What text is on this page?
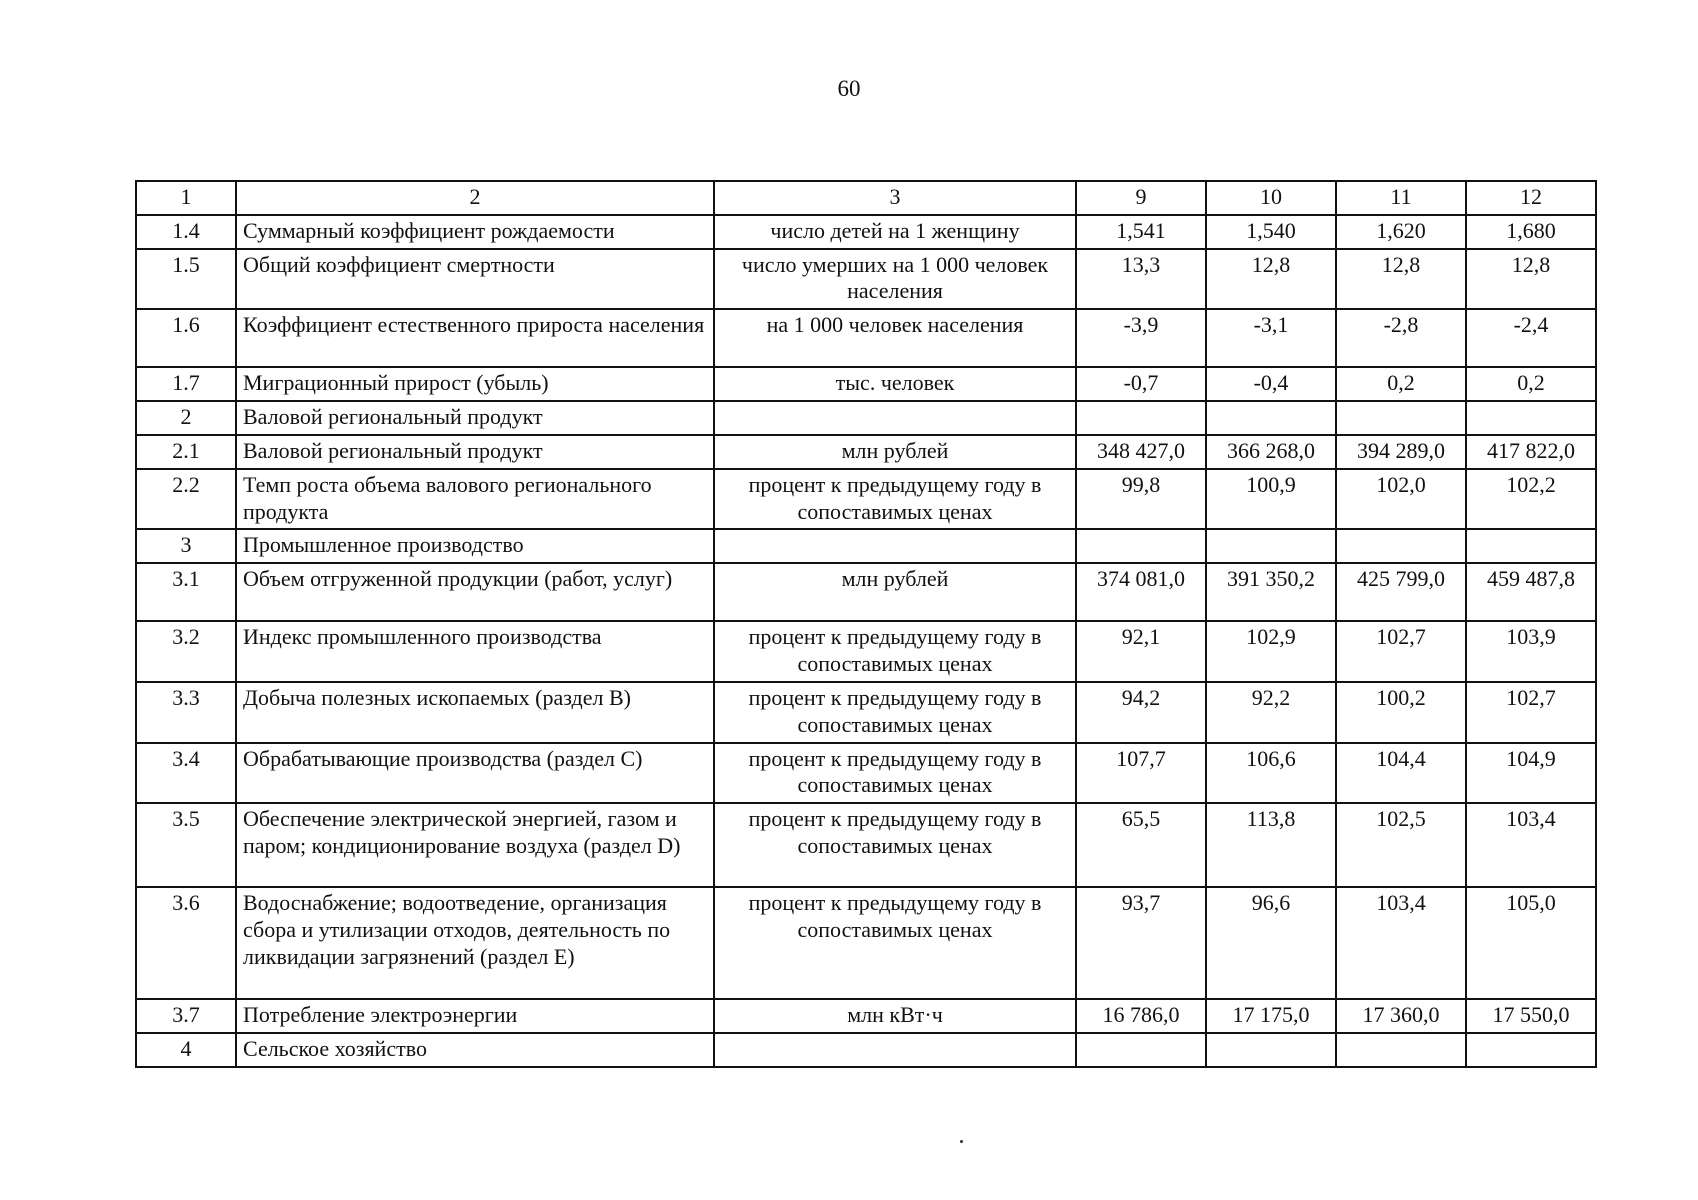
60
1	2	3	9	10	11	12
1.4	Суммарный коэффициент рождаемости	число детей на 1 женщину	1,541	1,540	1,620	1,680
1.5	Общий коэффициент смертности	число умерших на 1 000 человек населения	13,3	12,8	12,8	12,8
1.6	Коэффициент естественного прироста населения	на 1 000 человек населения	-3,9	-3,1	-2,8	-2,4
1.7	Миграционный прирост (убыль)	тыс. человек	-0,7	-0,4	0,2	0,2
2	Валовой региональный продукт					
2.1	Валовой региональный продукт	млн рублей	348 427,0	366 268,0	394 289,0	417 822,0
2.2	Темп роста объема валового регионального продукта	процент к предыдущему году в сопоставимых ценах	99,8	100,9	102,0	102,2
3	Промышленное производство					
3.1	Объем отгруженной продукции (работ, услуг)	млн рублей	374 081,0	391 350,2	425 799,0	459 487,8
3.2	Индекс промышленного производства	процент к предыдущему году в сопоставимых ценах	92,1	102,9	102,7	103,9
3.3	Добыча полезных ископаемых (раздел B)	процент к предыдущему году в сопоставимых ценах	94,2	92,2	100,2	102,7
3.4	Обрабатывающие производства (раздел C)	процент к предыдущему году в сопоставимых ценах	107,7	106,6	104,4	104,9
3.5	Обеспечение электрической энергией, газом и паром; кондиционирование воздуха (раздел D)	процент к предыдущему году в сопоставимых ценах	65,5	113,8	102,5	103,4
3.6	Водоснабжение; водоотведение, организация сбора и утилизации отходов, деятельность по ликвидации загрязнений (раздел E)	процент к предыдущему году в сопоставимых ценах	93,7	96,6	103,4	105,0
3.7	Потребление электроэнергии	млн кВт·ч	16 786,0	17 175,0	17 360,0	17 550,0
4	Сельское хозяйство					
